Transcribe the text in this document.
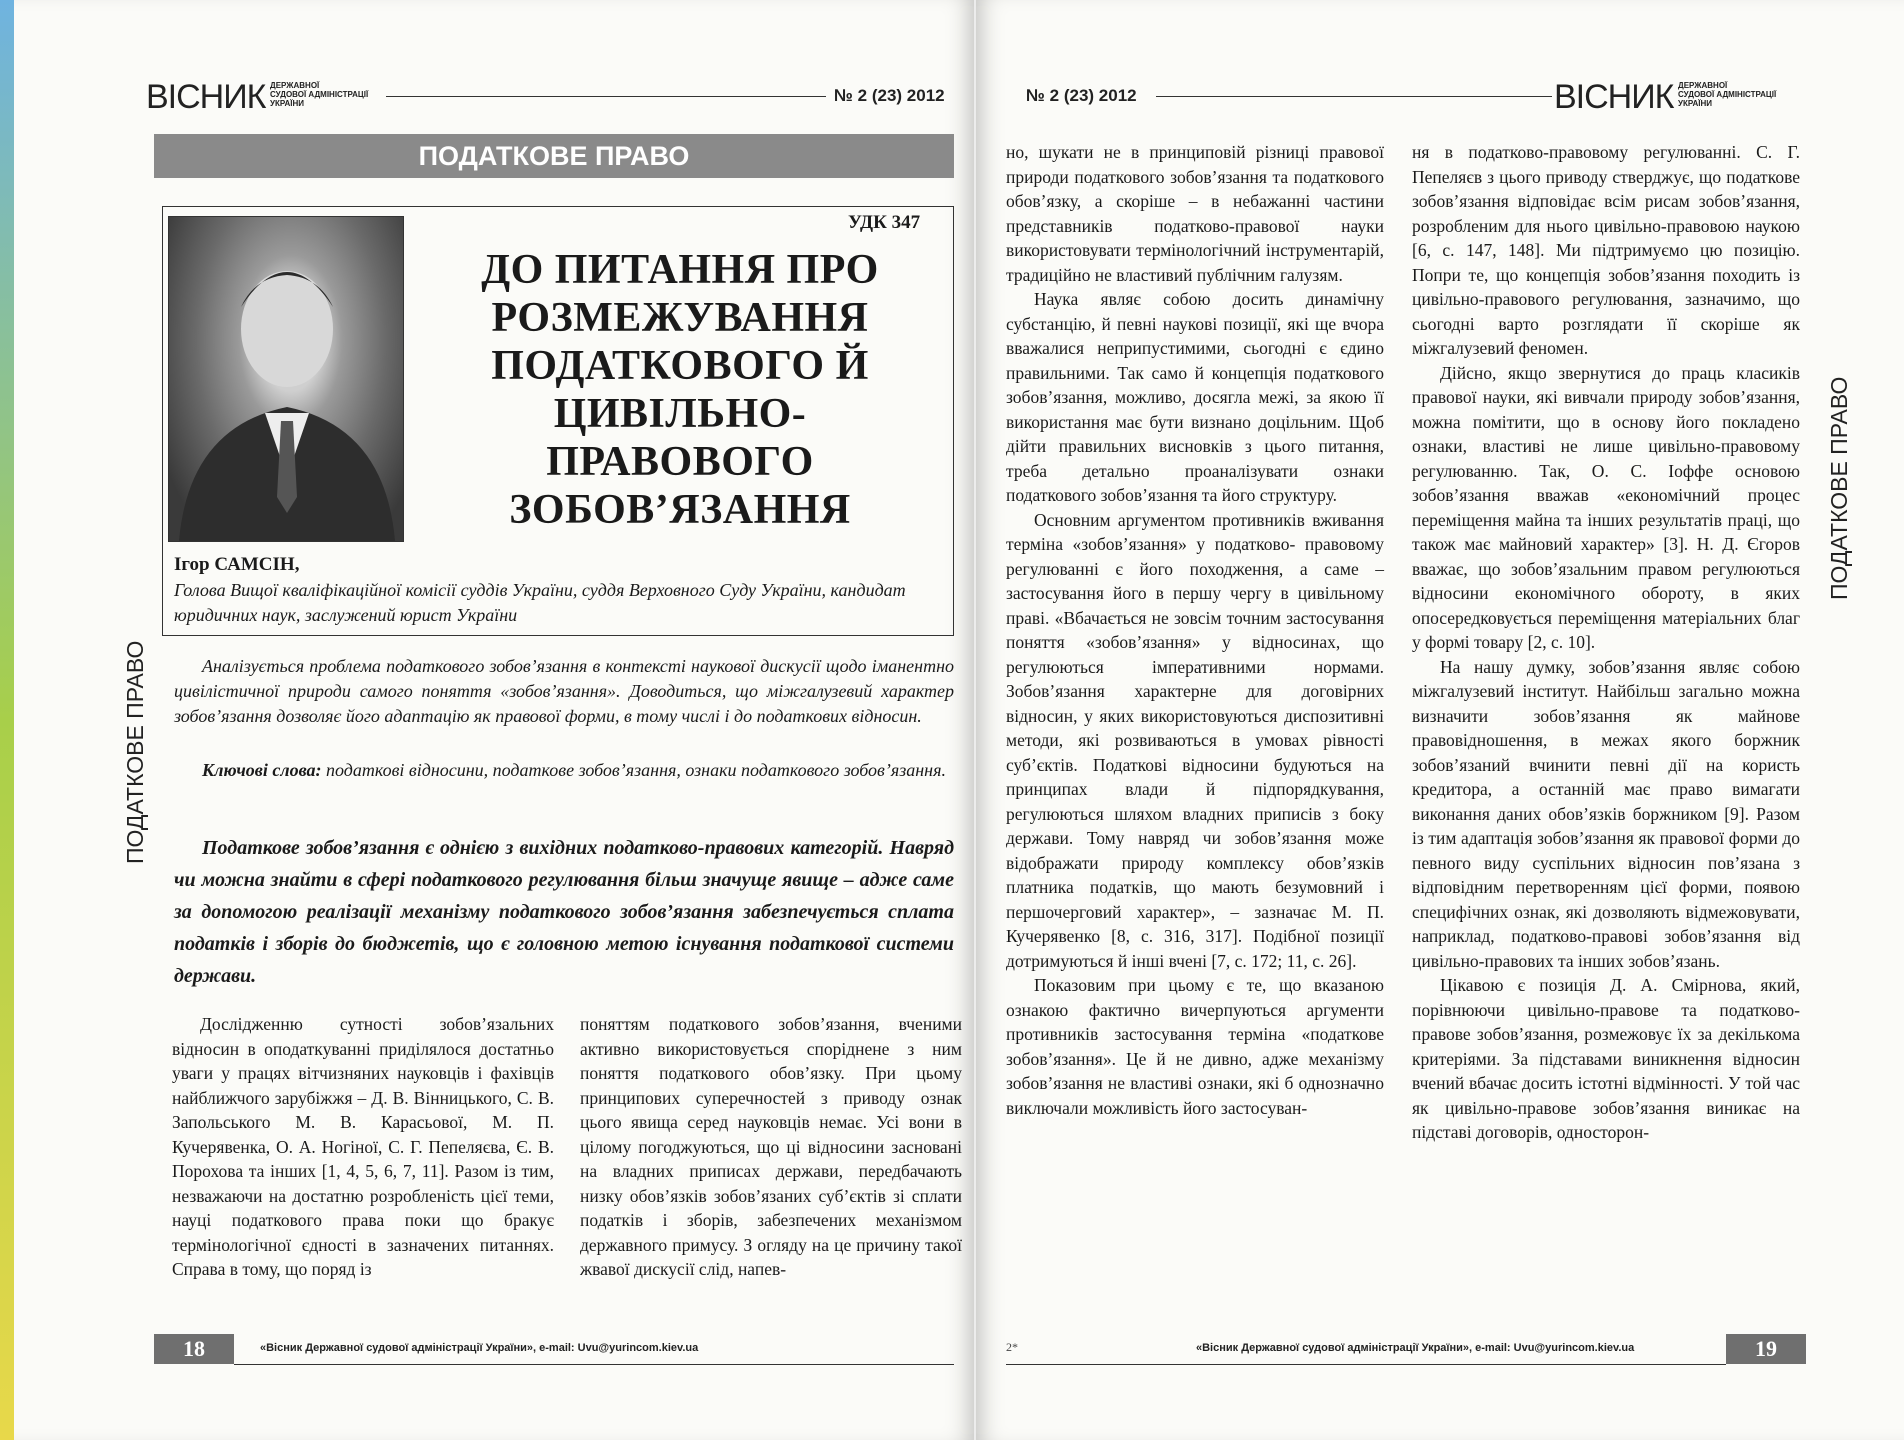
ВІСНИК ДЕРЖАВНОЇ
СУДОВОЇ АДМІНІСТРАЦІЇ
УКРАЇНИ	№ 2 (23) 2012
ПОДАТКОВЕ ПРАВО
УДК 347
ДО ПИТАННЯ ПРО
РОЗМЕЖУВАННЯ
ПОДАТКОВОГО Й
ЦИВІЛЬНО-ПРАВОВОГО
ЗОБОВ’ЯЗАННЯ
Ігор САМСІН,
Голова Вищої кваліфікаційної комісії суддів України, суддя Верховного Суду України, кандидат юридичних наук, заслужений юрист України
Аналізується проблема податкового зобов’язання в контексті наукової дискусії щодо іманентно цивілістичної природи самого поняття «зобов’язання». Доводиться, що міжгалузевий характер зобов’язання дозволяє його адаптацію як правової форми, в тому числі і до податкових відносин.
Ключові слова: податкові відносини, податкове зобов’язання, ознаки податкового зобов’язання.
Податкове зобов’язання є однією з вихідних податково-правових категорій. Навряд чи можна знайти в сфері податкового регулювання більш значуще явище – адже саме за допомогою реалізації механізму податкового зобов’язання забезпечується сплата податків і зборів до бюджетів, що є головною метою існування податкової системи держави.

Дослідженню сутності зобов’язальних відносин в оподаткуванні приділялося достатньо уваги у працях вітчизняних науковців і фахівців найближчого зарубіжжя – Д. В. Вінницького, С. В. Запольського М. В. Карасьової, М. П. Кучерявенка, О. А. Ногіної, С. Г. Пепеляєва, Є. В. Порохова та інших [1, 4, 5, 6, 7, 11]. Разом із тим, незважаючи на достатню розробленість цієї теми, науці податкового права поки що бракує термінологічної єдності в зазначених питаннях. Справа в тому, що поряд із

поняттям податкового зобов’язання, вченими активно використовується споріднене з ним поняття податкового обов’язку. При цьому принципових суперечностей з приводу ознак цього явища серед науковців немає. Усі вони в цілому погоджуються, що ці відносини засновані на владних приписах держави, передбачають низку обов’язків зобов’язаних суб’єктів зі сплати податків і зборів, забезпечених механізмом державного примусу. З огляду на це причину такої жвавої дискусії слід, напев-

ПОДАТКОВЕ ПРАВО
18	«Вісник Державної судової адміністрації України», e-mail: Uvu@yurincom.kiev.ua
№ 2 (23) 2012	ВІСНИК ДЕРЖАВНОЇ
СУДОВОЇ АДМІНІСТРАЦІЇ
УКРАЇНИ

но, шукати не в принциповій різниці правової природи податкового зобов’язання та податкового обов’язку, а скоріше – в небажанні частини представників податково-правової науки використовувати термінологічний інструментарій, традиційно не властивий публічним галузям.

Наука являє собою досить динамічну субстанцію, й певні наукові позиції, які ще вчора вважалися неприпустимими, сьогодні є єдино правильними. Так само й концепція податкового зобов’язання, можливо, досягла межі, за якою її використання має бути визнано доцільним. Щоб дійти правильних висновків з цього питання, треба детально проаналізувати ознаки податкового зобов’язання та його структуру.

Основним аргументом противників вживання терміна «зобов’язання» у податково- правовому регулюванні є його походження, а саме – застосування його в першу чергу в цивільному праві. «Вбачається не зовсім точним застосування поняття «зобов’язання» у відносинах, що регулюються імперативними нормами. Зобов’язання характерне для договірних відносин, у яких використовуються диспозитивні методи, які розвиваються в умовах рівності суб’єктів. Податкові відносини будуються на принципах влади й підпорядкування, регулюються шляхом владних приписів з боку держави. Тому навряд чи зобов’язання може відображати природу комплексу обов’язків платника податків, що мають безумовний і першочерговий характер», – зазначає М. П. Кучерявенко [8, с. 316, 317]. Подібної позиції дотримуються й інші вчені [7, с. 172; 11, с. 26].

Показовим при цьому є те, що вказаною ознакою фактично вичерпуються аргументи противників застосування терміна «податкове зобов’язання». Це й не дивно, адже механізму зобов’язання не властиві ознаки, які б однозначно виключали можливість його застосуван-

ня в податково-правовому регулюванні. С. Г. Пепеляєв з цього приводу стверджує, що податкове зобов’язання відповідає всім рисам зобов’язання, розробленим для нього цивільно-правовою наукою [6, с. 147, 148]. Ми підтримуємо цю позицію. Попри те, що концепція зобов’язання походить із цивільно-правового регулювання, зазначимо, що сьогодні варто розглядати її скоріше як міжгалузевий феномен.

Дійсно, якщо звернутися до праць класиків правової науки, які вивчали природу зобов’язання, можна помітити, що в основу його покладено ознаки, властиві не лише цивільно-правовому регулюванню. Так, О. С. Іоффе основою зобов’язання вважав «економічний процес переміщення майна та інших результатів праці, що також має майновий характер» [3]. Н. Д. Єгоров вважає, що зобов’язальним правом регулюються відносини економічного обороту, в яких опосередковується переміщення матеріальних благ у формі товару [2, с. 10].

На нашу думку, зобов’язання являє собою міжгалузевий інститут. Найбільш загально можна визначити зобов’язання як майнове правовідношення, в межах якого боржник зобов’язаний вчинити певні дії на користь кредитора, а останній має право вимагати виконання даних обов’язків боржником [9]. Разом із тим адаптація зобов’язання як правової форми до певного виду суспільних відносин пов’язана з відповідним перетворенням цієї форми, появою специфічних ознак, які дозволяють відмежовувати, наприклад, податково-правові зобов’язання від цивільно-правових та інших зобов’язань.

Цікавою є позиція Д. А. Смірнова, який, порівнюючи цивільно-правове та податково-правове зобов’язання, розмежовує їх за декількома критеріями. За підставами виникнення відносин вчений вбачає досить істотні відмінності. У той час як цивільно-правове зобов’язання виникає на підставі договорів, односторон-

ПОДАТКОВЕ ПРАВО
2*	«Вісник Державної судової адміністрації України», e-mail: Uvu@yurincom.kiev.ua	19
